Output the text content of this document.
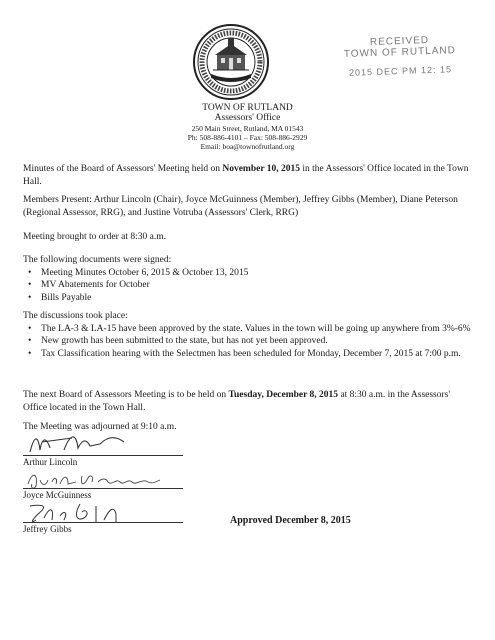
RECEIVED
TOWN OF RUTLAND
2015 DEC PM 12: 15
TOWN OF RUTLAND
Assessors' Office
250 Main Street, Rutland, MA 01543
Ph: 508-886-4101 – Fax: 508-886-2929
Email: boa@townofrutland.org
Minutes of the Board of Assessors' Meeting held on November 10, 2015 in the Assessors' Office located in the Town Hall.
Members Present: Arthur Lincoln (Chair), Joyce McGuinness (Member), Jeffrey Gibbs (Member), Diane Peterson (Regional Assessor, RRG), and Justine Votruba (Assessors' Clerk, RRG)
Meeting brought to order at 8:30 a.m.
The following documents were signed:
• Meeting Minutes October 6, 2015 & October 13, 2015
• MV Abatements for October
• Bills Payable
The discussions took place:
• The LA-3 & LA-15 have been approved by the state. Values in the town will be going up anywhere from 3%-6%
• New growth has been submitted to the state, but has not yet been approved.
• Tax Classification hearing with the Selectmen has been scheduled for Monday, December 7, 2015 at 7:00 p.m.
The next Board of Assessors Meeting is to be held on Tuesday, December 8, 2015 at 8:30 a.m. in the Assessors' Office located in the Town Hall.
The Meeting was adjourned at 9:10 a.m.
Arthur Lincoln
Joyce McGuinness
Jeffrey Gibbs
Approved December 8, 2015
